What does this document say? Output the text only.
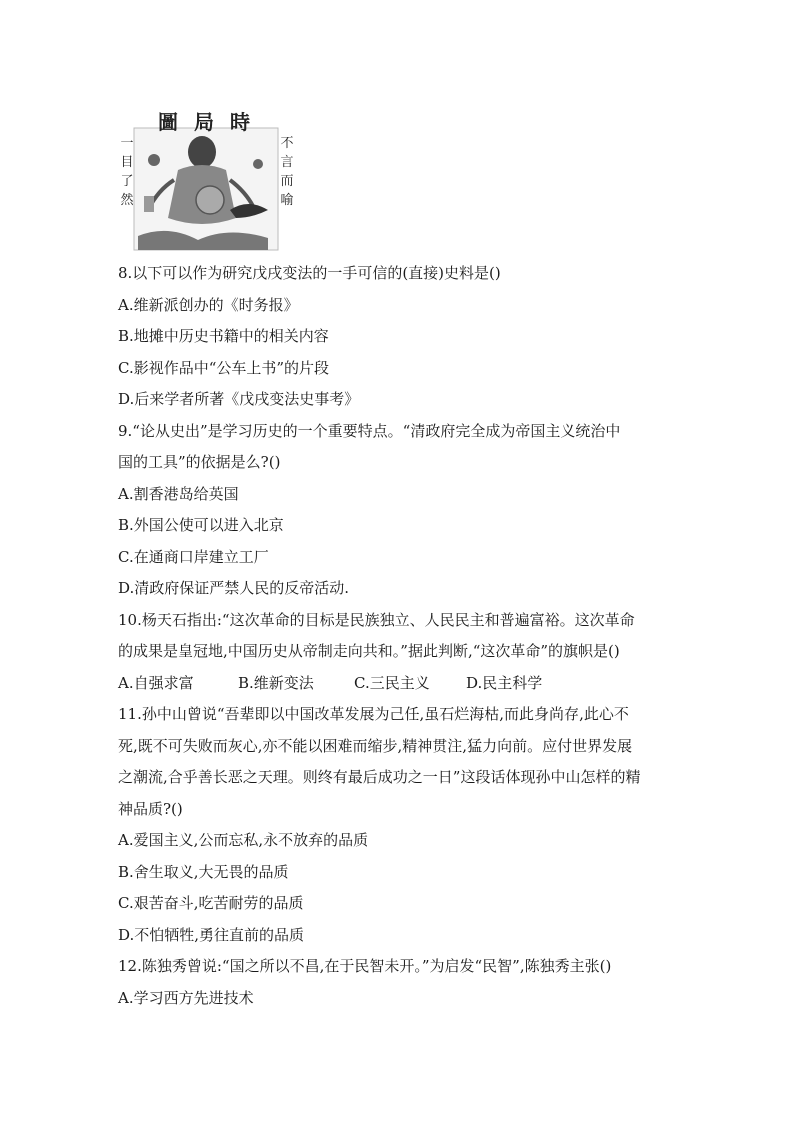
圖局時
一目了然
不言而喻
8.以下可以作为研究戊戌变法的一手可信的(直接)史料是()
A.维新派创办的《时务报》
B.地摊中历史书籍中的相关内容
C.影视作品中“公车上书”的片段
D.后来学者所著《戊戌变法史事考》
9.“论从史出”是学习历史的一个重要特点。“清政府完全成为帝国主义统治中
国的工具”的依据是么?()
A.割香港岛给英国
B.外国公使可以进入北京
C.在通商口岸建立工厂
D.清政府保证严禁人民的反帝活动.
10.杨天石指出:“这次革命的目标是民族独立、人民民主和普遍富裕。这次革命
的成果是皇冠地,中国历史从帝制走向共和。”据此判断,“这次革命”的旗帜是()
A.自强求富	B.维新变法	C.三民主义	D.民主科学
11.孙中山曾说“吾辈即以中国改革发展为己任,虽石烂海枯,而此身尚存,此心不
死,既不可失败而灰心,亦不能以困难而缩步,精神贯注,猛力向前。应付世界发展
之潮流,合乎善长恶之天理。则终有最后成功之一日”这段话体现孙中山怎样的精
神品质?()
A.爱国主义,公而忘私,永不放弃的品质
B.舍生取义,大无畏的品质
C.艰苦奋斗,吃苦耐劳的品质
D.不怕牺牲,勇往直前的品质
12.陈独秀曾说:“国之所以不昌,在于民智未开。”为启发“民智”,陈独秀主张()
A.学习西方先进技术
